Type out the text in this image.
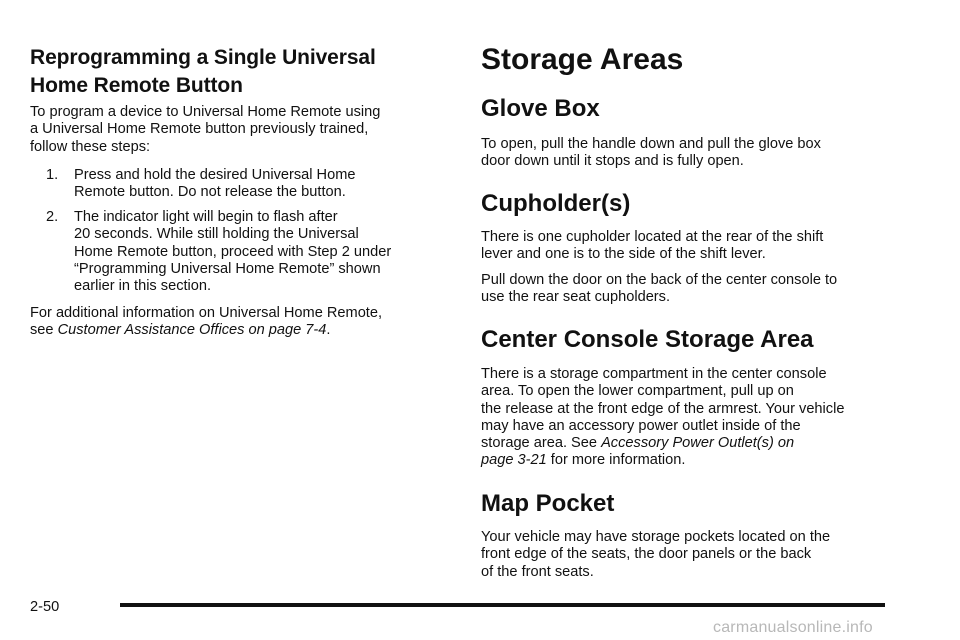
Reprogramming a Single Universal
Home Remote Button

To program a device to Universal Home Remote using
a Universal Home Remote button previously trained,
follow these steps:

1. Press and hold the desired Universal Home
Remote button. Do not release the button.
2. The indicator light will begin to flash after
20 seconds. While still holding the Universal
Home Remote button, proceed with Step 2 under
“Programming Universal Home Remote” shown
earlier in this section.

For additional information on Universal Home Remote,
see Customer Assistance Offices on page 7-4.

Storage Areas
Glove Box

To open, pull the handle down and pull the glove box
door down until it stops and is fully open.

Cupholder(s)

There is one cupholder located at the rear of the shift
lever and one is to the side of the shift lever.

Pull down the door on the back of the center console to
use the rear seat cupholders.

Center Console Storage Area

There is a storage compartment in the center console
area. To open the lower compartment, pull up on
the release at the front edge of the armrest. Your vehicle
may have an accessory power outlet inside of the
storage area. See Accessory Power Outlet(s) on
page 3-21 for more information.

Map Pocket

Your vehicle may have storage pockets located on the
front edge of the seats, the door panels or the back
of the front seats.

2-50
carmanualsonline.info
